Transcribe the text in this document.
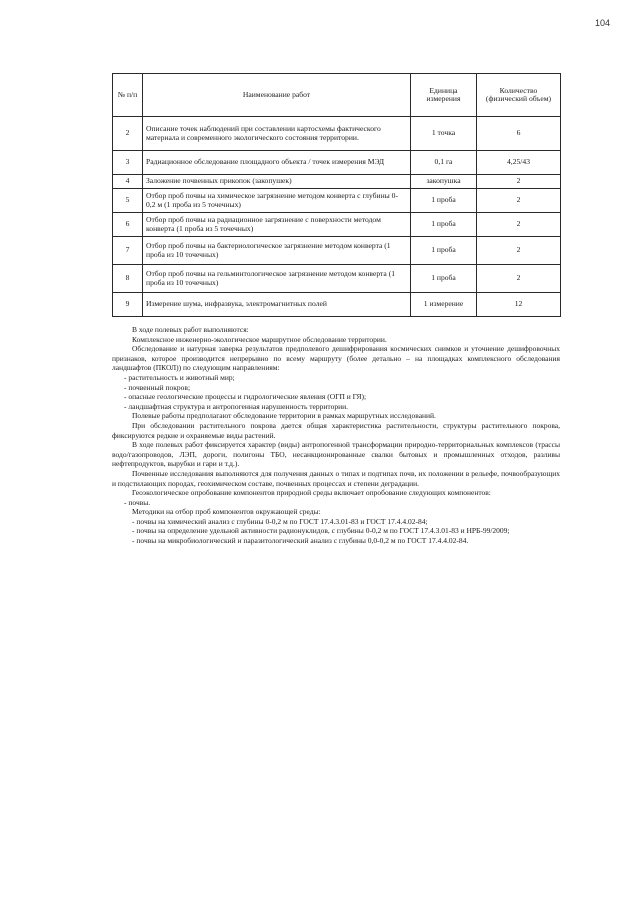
104
№ п/п	Наименование работ	Единица измерения	Количество (физический объем)
2	Описание точек наблюдений при составлении картосхемы фактического материала и современного экологического состояния территории.	1 точка	6
3	Радиационное обследование площадного объекта / точек измерения МЭД	0,1 га	4,25/43
4	Заложение почвенных прикопок (закопушек)	закопушка	2
5	Отбор проб почвы на химическое загрязнение методом конверта с глубины 0-0,2 м (1 проба из 5 точечных)	1 проба	2
6	Отбор проб почвы на радиационное загрязнение с поверхности методом конверта (1 проба из 5 точечных)	1 проба	2
7	Отбор проб почвы на бактериологическое загрязнение методом конверта (1 проба из 10 точечных)	1 проба	2
8	Отбор проб почвы на гельминтологическое загрязнение методом конверта (1 проба из 10 точечных)	1 проба	2
9	Измерение шума, инфразвука, электромагнитных полей	1 измерение	12

В ходе полевых работ выполняются:

Комплексное инженерно-экологическое маршрутное обследование территории.

Обследование и натурная заверка результатов предполевого дешифрирования космических снимков и уточнение дешифровочных признаков, которое производится непрерывно по всему маршруту (более детально – на площадках комплексного обследования ландшафтов (ПКОЛ)) по следующим направлениям:

- растительность и животный мир;

- почвенный покров;

- опасные геологические процессы и гидрологические явления (ОГП и ГЯ);

- ландшафтная структура и антропогенная нарушенность территории.

Полевые работы предполагают обследование территории в рамках маршрутных исследований.

При обследовании растительного покрова дается общая характеристика растительности, структуры растительного покрова, фиксируются редкие и охраняемые виды растений.

В ходе полевых работ фиксируется характер (виды) антропогенной трансформации природно-территориальных комплексов (трассы водо/газопроводов, ЛЭП, дороги, полигоны ТБО, несанкционированные свалки бытовых и промышленных отходов, разливы нефтепродуктов, вырубки и гари и т.д.).

Почвенные исследования выполняются для получения данных о типах и подтипах почв, их положении в рельефе, почвообразующих и подстилающих породах, геохимическом составе, почвенных процессах и степени деградации.

Геоэкологическое опробование компонентов природной среды включает опробование следующих компонентов:

- почвы.

Методики на отбор проб компонентов окружающей среды:

- почвы на химический анализ с глубины 0-0,2 м по ГОСТ 17.4.3.01-83 и ГОСТ 17.4.4.02-84;

- почвы на определение удельной активности радионуклидов, с глубины 0-0,2 м по ГОСТ 17.4.3.01-83 и НРБ-99/2009;

- почвы на микробиологический и паразитологический анализ с глубины 0,0-0,2 м по ГОСТ 17.4.4.02-84.
